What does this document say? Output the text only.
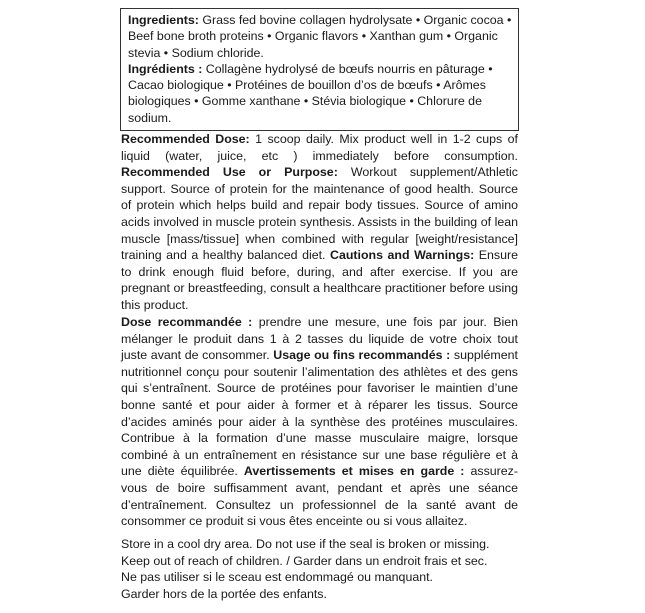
Ingredients: Grass fed bovine collagen hydrolysate • Organic cocoa • Beef bone broth proteins • Organic flavors • Xanthan gum • Organic stevia • Sodium chloride.
Ingrédients : Collagène hydrolysé de bœufs nourris en pâturage • Cacao biologique • Protéines de bouillon d’os de bœufs • Arômes biologiques • Gomme xanthane • Stévia biologique • Chlorure de sodium.
Recommended Dose: 1 scoop daily. Mix product well in 1-2 cups of liquid (water, juice, etc ) immediately before consumption. Recommended Use or Purpose: Workout supplement/Athletic support. Source of protein for the maintenance of good health. Source of protein which helps build and repair body tissues. Source of amino acids involved in muscle protein synthesis. Assists in the building of lean muscle [mass/tissue] when combined with regular [weight/resistance] training and a healthy balanced diet. Cautions and Warnings: Ensure to drink enough fluid before, during, and after exercise. If you are pregnant or breastfeeding, consult a healthcare practitioner before using this product.
Dose recommandée : prendre une mesure, une fois par jour. Bien mélanger le produit dans 1 à 2 tasses du liquide de votre choix tout juste avant de consommer. Usage ou fins recommandés : supplément nutritionnel conçu pour soutenir l’alimentation des athlètes et des gens qui s’entraînent. Source de protéines pour favoriser le maintien d’une bonne santé et pour aider à former et à réparer les tissus. Source d’acides aminés pour aider à la synthèse des protéines musculaires. Contribue à la formation d’une masse musculaire maigre, lorsque combiné à un entraînement en résistance sur une base régulière et à une diète équilibrée. Avertissements et mises en garde : assurez-vous de boire suffisamment avant, pendant et après une séance d’entraînement. Consultez un professionnel de la santé avant de consommer ce produit si vous êtes enceinte ou si vous allaitez.
Store in a cool dry area. Do not use if the seal is broken or missing.
Keep out of reach of children. / Garder dans un endroit frais et sec.
Ne pas utiliser si le sceau est endommagé ou manquant.
Garder hors de la portée des enfants.
